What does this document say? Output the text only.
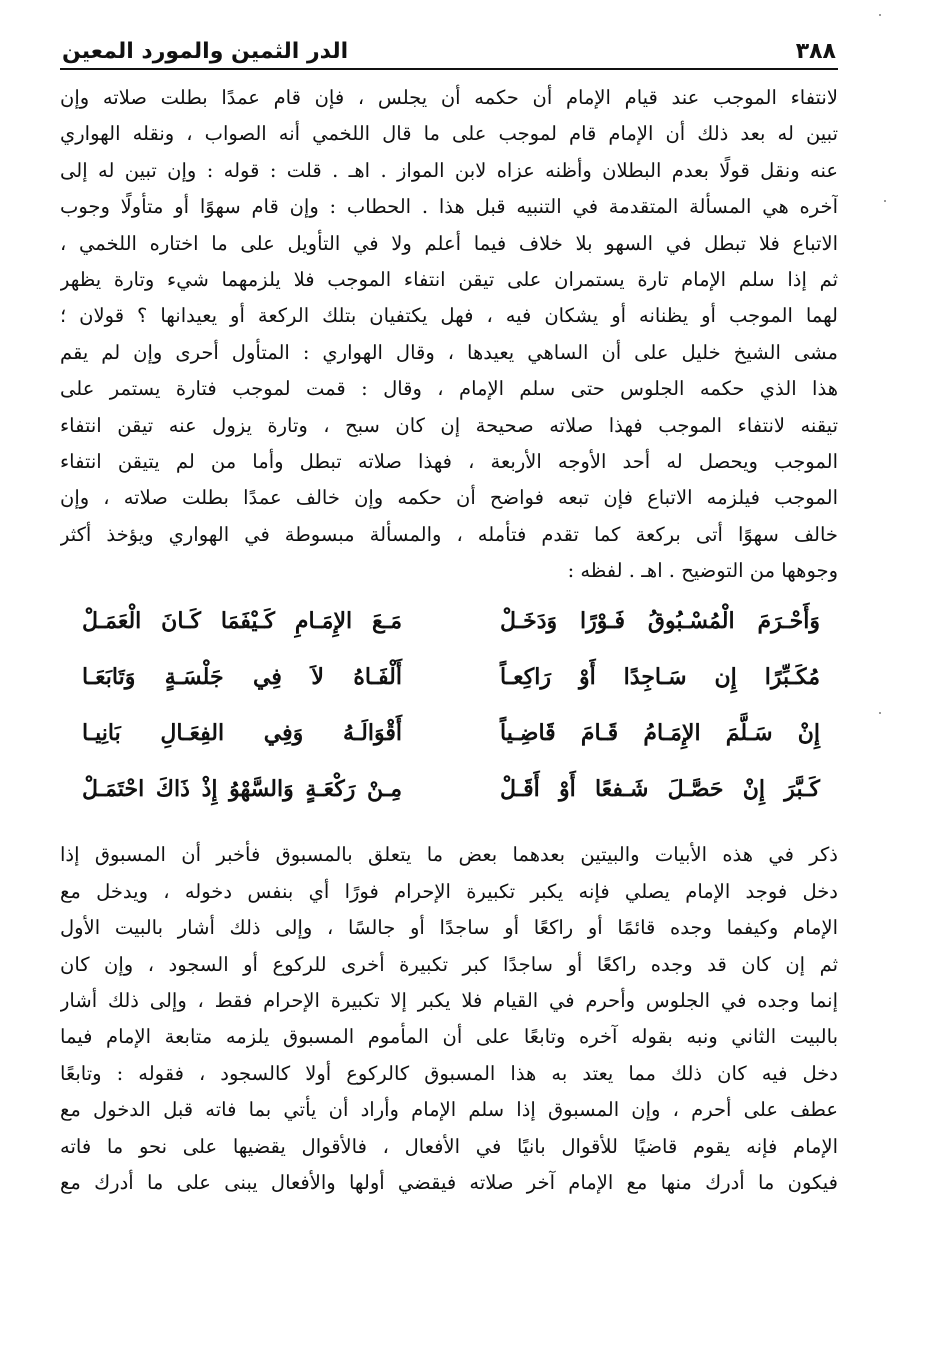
٣٨٨
الدر الثمين والمورد المعين
لانتفاء الموجب عند قيام الإمام أن حكمه أن يجلس ، فإن قام عمدًا بطلت صلاته وإن
تبين له بعد ذلك أن الإمام قام لموجب على ما قال اللخمي أنه الصواب ، ونقله الهواري
عنه ونقل قولًا بعدم البطلان وأظنه عزاه لابن المواز . اهـ . قلت : قوله : وإن تبين له إلى
آخره هي المسألة المتقدمة في التنبيه قبل هذا . الحطاب : وإن قام سهوًا أو متأولًا وجوب
الاتباع فلا تبطل في السهو بلا خلاف فيما أعلم ولا في التأويل على ما اختاره اللخمي ،
ثم إذا سلم الإمام تارة يستمران على تيقن انتفاء الموجب فلا يلزمهما شيء وتارة يظهر
لهما الموجب أو يظنانه أو يشكان فيه ، فهل يكتفيان بتلك الركعة أو يعيدانها ؟ قولان ؛
مشى الشيخ خليل على أن الساهي يعيدها ، وقال الهواري : المتأول أحرى وإن لم يقم
هذا الذي حكمه الجلوس حتى سلم الإمام ، وقال : قمت لموجب فتارة يستمر على
تيقنه لانتفاء الموجب فهذا صلاته صحيحة إن كان سبح ، وتارة يزول عنه تيقن انتفاء
الموجب ويحصل له أحد الأوجه الأربعة ، فهذا صلاته تبطل وأما من لم يتيقن انتفاء
الموجب فيلزمه الاتباع فإن تبعه فواضح أن حكمه وإن خالف عمدًا بطلت صلاته ، وإن
خالف سهوًا أتى بركعة كما تقدم فتأمله ، والمسألة مبسوطة في الهواري ويؤخذ أكثر
وجوهها من التوضيح . اهـ . لفظه :
وَأَحْـرَمَ الْمُسْـبُوقُ فَـوْرًا وَدَخَـلْ
مَـعَ الإِمَـامِ كَـيْفَمَا كَـانَ الْعَمَـلْ
مُكَـبِّرًا إِن سَـاجِدًا أَوْ رَاكِعـاً
أَلْفَـاهُ لاَ فِي جَلْسَـةٍ وَتَابَعَـا
إِنْ سَـلَّمَ الإِمَـامُ قَـامَ قَاضِـياً
أَقْوَالَـهُ وَفِي الفِعَـالِ بَانِيـا
كَـبَّرَ إِنْ حَصَّـلَ شَـفعًا أَوْ أَقَـلْ
مِـنْ رَكْعَـةٍ وَالسَّهْوُ إِذْ ذَاكَ احْتَمَـلْ
ذكر في هذه الأبيات والبيتين بعدهما بعض ما يتعلق بالمسبوق فأخبر أن المسبوق إذا
دخل فوجد الإمام يصلي فإنه يكبر تكبيرة الإحرام فورًا أي بنفس دخوله ، ويدخل مع
الإمام وكيفما وجده قائمًا أو راكعًا أو ساجدًا أو جالسًا ، وإلى ذلك أشار بالبيت الأول
ثم إن كان قد وجده راكعًا أو ساجدًا كبر تكبيرة أخرى للركوع أو السجود ، وإن كان
إنما وجده في الجلوس وأحرم في القيام فلا يكبر إلا تكبيرة الإحرام فقط ، وإلى ذلك أشار
بالبيت الثاني ونبه بقوله آخره وتابعًا على أن المأموم المسبوق يلزمه متابعة الإمام فيما
دخل فيه كان ذلك مما يعتد به هذا المسبوق كالركوع أولا كالسجود ، فقوله : وتابعًا
عطف على أحرم ، وإن المسبوق إذا سلم الإمام وأراد أن يأتي بما فاته قبل الدخول مع
الإمام فإنه يقوم قاضيًا للأقوال بانيًا في الأفعال ، فالأقوال يقضيها على نحو ما فاته
فيكون ما أدرك منها مع الإمام آخر صلاته فيقضي أولها والأفعال يبنى على ما أدرك مع
